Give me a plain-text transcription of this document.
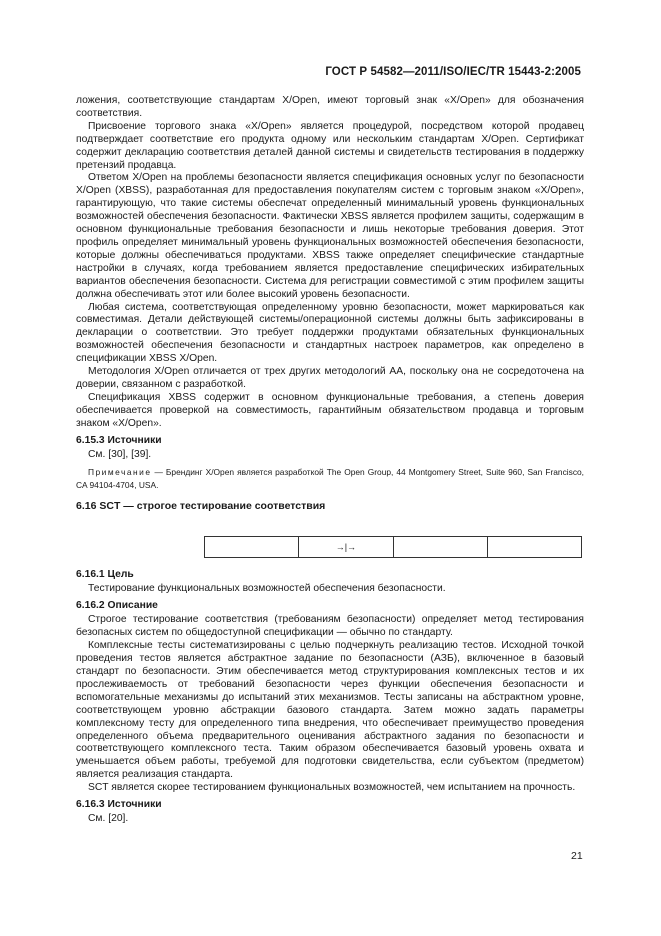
ГОСТ Р 54582—2011/ISO/IEC/TR 15443-2:2005

ложения, соответствующие стандартам X/Open, имеют торговый знак «X/Open» для обозначения соответствия.

Присвоение торгового знака «X/Open» является процедурой, посредством которой продавец подтверждает соответствие его продукта одному или нескольким стандартам X/Open. Сертификат содержит декларацию соответствия деталей данной системы и свидетельств тестирования в поддержку претензий продавца.

Ответом X/Open на проблемы безопасности является спецификация основных услуг по безопасности X/Open (XBSS), разработанная для предоставления покупателям систем с торговым знаком «X/Open», гарантирующую, что такие системы обеспечат определенный минимальный уровень функциональных возможностей обеспечения безопасности. Фактически XBSS является профилем защиты, содержащим в основном функциональные требования безопасности и лишь некоторые требования доверия. Этот профиль определяет минимальный уровень функциональных возможностей обеспечения безопасности, которые должны обеспечиваться продуктами. XBSS также определяет специфические стандартные настройки в случаях, когда требованием является предоставление специфических избирательных вариантов обеспечения безопасности. Система для регистрации совместимой с этим профилем защиты должна обеспечивать этот или более высокий уровень безопасности.

Любая система, соответствующая определенному уровню безопасности, может маркироваться как совместимая. Детали действующей системы/операционной системы должны быть зафиксированы в декларации о соответствии. Это требует поддержки продуктами обязательных функциональных возможностей обеспечения безопасности и стандартных настроек параметров, как определено в спецификации XBSS X/Open.

Методология X/Open отличается от трех других методологий АА, поскольку она не сосредоточена на доверии, связанном с разработкой.

Спецификация XBSS содержит в основном функциональные требования, а степень доверия обеспечивается проверкой на совместимость, гарантийным обязательством продавца и торговым знаком «X/Open».

6.15.3 Источники

См. [30], [39].

Примечание — Брендинг X/Open является разработкой The Open Group, 44 Montgomery Street, Suite 960, San Francisco, CA 94104-4704, USA.

6.16 SCT — строгое тестирование соответствия
→|→
6.16.1 Цель

Тестирование функциональных возможностей обеспечения безопасности.

6.16.2 Описание

Строгое тестирование соответствия (требованиям безопасности) определяет метод тестирования безопасных систем по общедоступной спецификации — обычно по стандарту.

Комплексные тесты систематизированы с целью подчеркнуть реализацию тестов. Исходной точкой проведения тестов является абстрактное задание по безопасности (АЗБ), включенное в базовый стандарт по безопасности. Этим обеспечивается метод структурирования комплексных тестов и их прослеживаемость от требований безопасности через функции обеспечения безопасности и вспомогательные механизмы до испытаний этих механизмов. Тесты записаны на абстрактном уровне, соответствующем уровню абстракции базового стандарта. Затем можно задать параметры комплексному тесту для определенного типа внедрения, что обеспечивает преимущество проведения определенного объема предварительного оценивания абстрактного задания по безопасности и соответствующего комплексного теста. Таким образом обеспечивается базовый уровень охвата и уменьшается объем работы, требуемой для подготовки свидетельства, если субъектом (предметом) является реализация стандарта.

SCT является скорее тестированием функциональных возможностей, чем испытанием на прочность.

6.16.3 Источники

См. [20].

21
